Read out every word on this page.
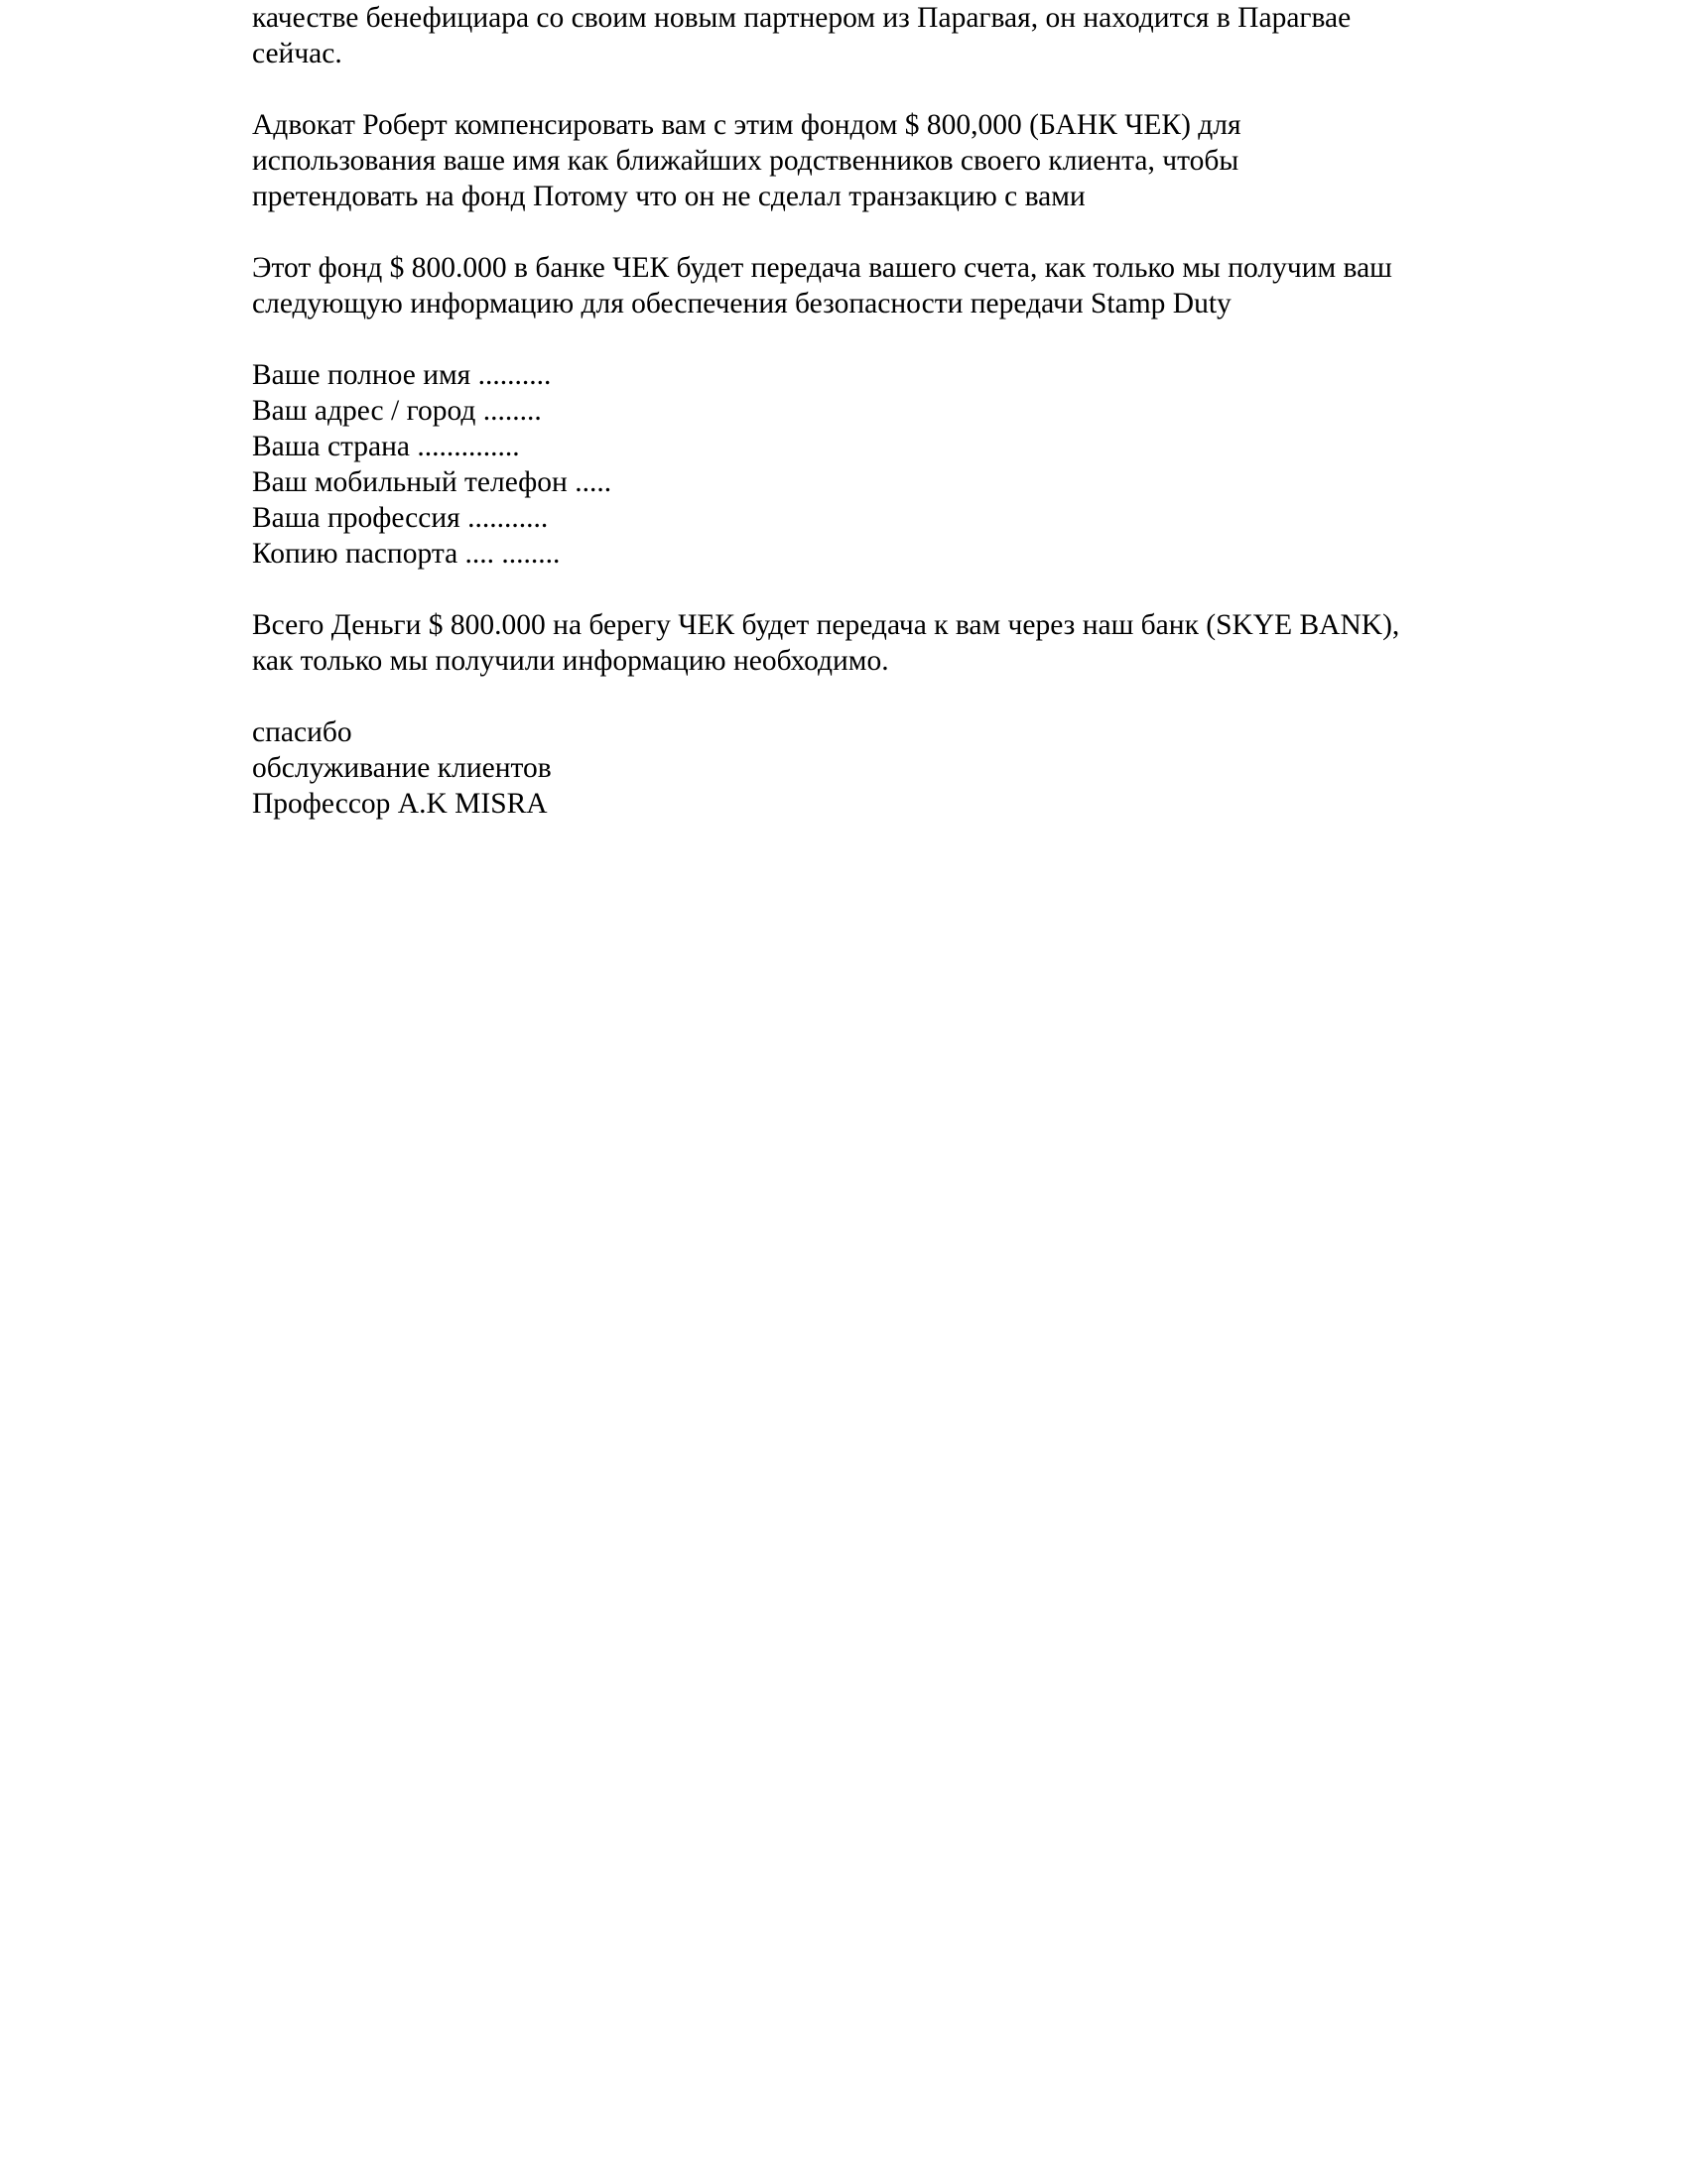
качестве бенефициара со своим новым партнером из Парагвая, он находится в Парагвае
сейчас.
Адвокат Роберт компенсировать вам с этим фондом $ 800,000 (БАНК ЧЕК) для
использования ваше имя как ближайших родственников своего клиента, чтобы
претендовать на фонд Потому что он не сделал транзакцию с вами
Этот фонд $ 800.000 в банке ЧЕК будет передача вашего счета, как только мы получим ваш
следующую информацию для обеспечения безопасности передачи Stamp Duty
Ваше полное имя ..........
Ваш адрес / город ........
Ваша страна ..............
Ваш мобильный телефон .....
Ваша профессия ...........
Копию паспорта .... ........
Всего Деньги $ 800.000 на берегу ЧЕК будет передача к вам через наш банк (SKYE BANK),
как только мы получили информацию необходимо.
спасибо
обслуживание клиентов
Профессор A.K MISRA
